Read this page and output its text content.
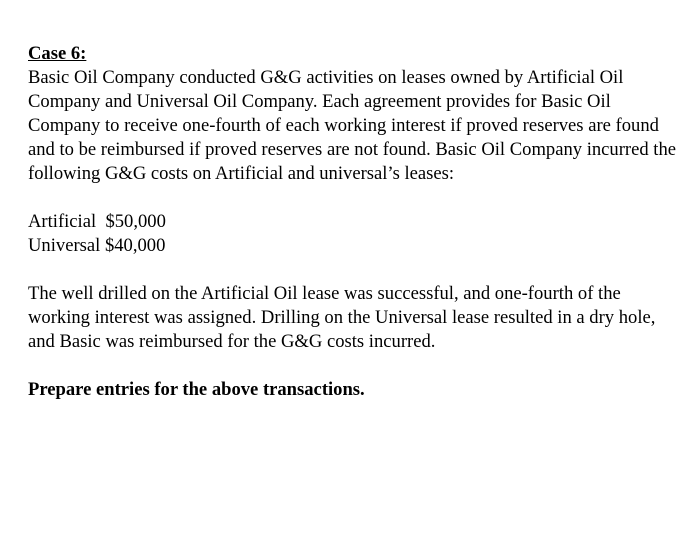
Case 6:

Basic Oil Company conducted G&G activities on leases owned by Artificial Oil Company and Universal Oil Company. Each agreement provides for Basic Oil Company to receive one-fourth of each working interest if proved reserves are found and to be reimbursed if proved reserves are not found. Basic Oil Company incurred the following G&G costs on Artificial and universal’s leases:

Artificial $50,000
Universal $40,000

The well drilled on the Artificial Oil lease was successful, and one-fourth of the working interest was assigned. Drilling on the Universal lease resulted in a dry hole, and Basic was reimbursed for the G&G costs incurred.

Prepare entries for the above transactions.
